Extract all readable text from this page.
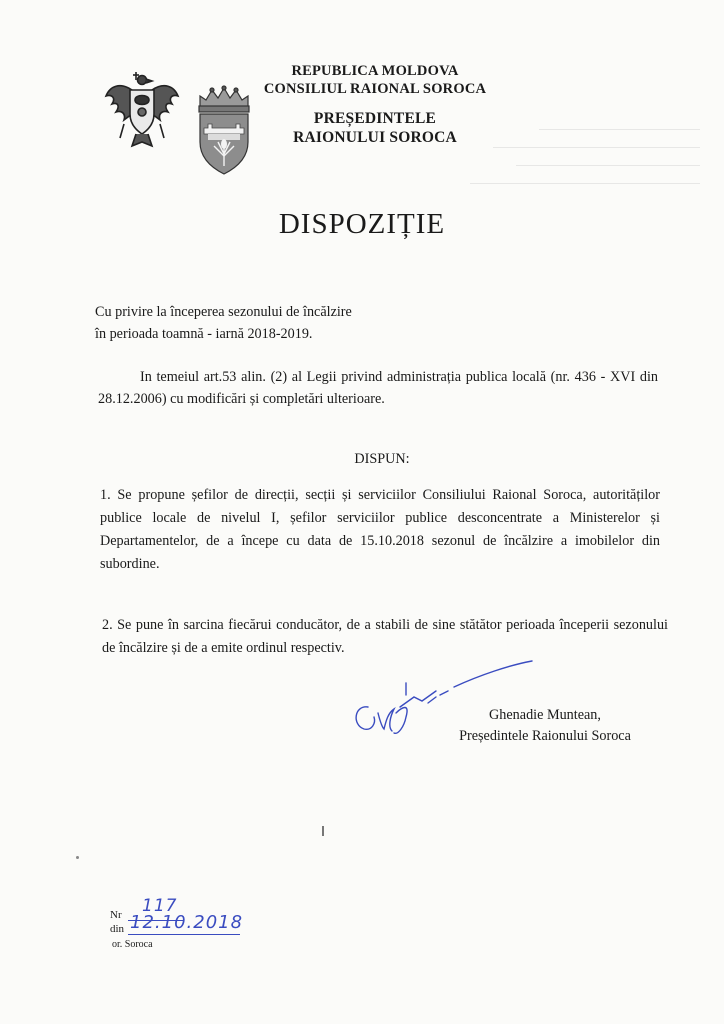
REPUBLICA MOLDOVA
CONSILIUL RAIONAL SOROCA
PREȘEDINTELE
RAIONULUI SOROCA
DISPOZIȚIE
Cu privire la începerea sezonului de încălzire
în perioada toamnă - iarnă 2018-2019.
In temeiul art.53 alin. (2) al Legii privind administrația publica locală (nr. 436 - XVI din 28.12.2006) cu modificări și completări ulterioare.
DISPUN:
1. Se propune șefilor de direcții, secții și serviciilor Consiliului Raional Soroca, autorităților publice locale de nivelul I, șefilor serviciilor publice desconcentrate a Ministerelor și Departamentelor, de a începe cu data de 15.10.2018 sezonul de încălzire a imobilelor din subordine.
2. Se pune în sarcina fiecărui conducător, de a stabili de sine stătător perioada începerii sezonului de încălzire și de a emite ordinul respectiv.
Ghenadie Muntean,
Președintele Raionului Soroca
Nr 117
din 12.10.2018
or. Soroca
